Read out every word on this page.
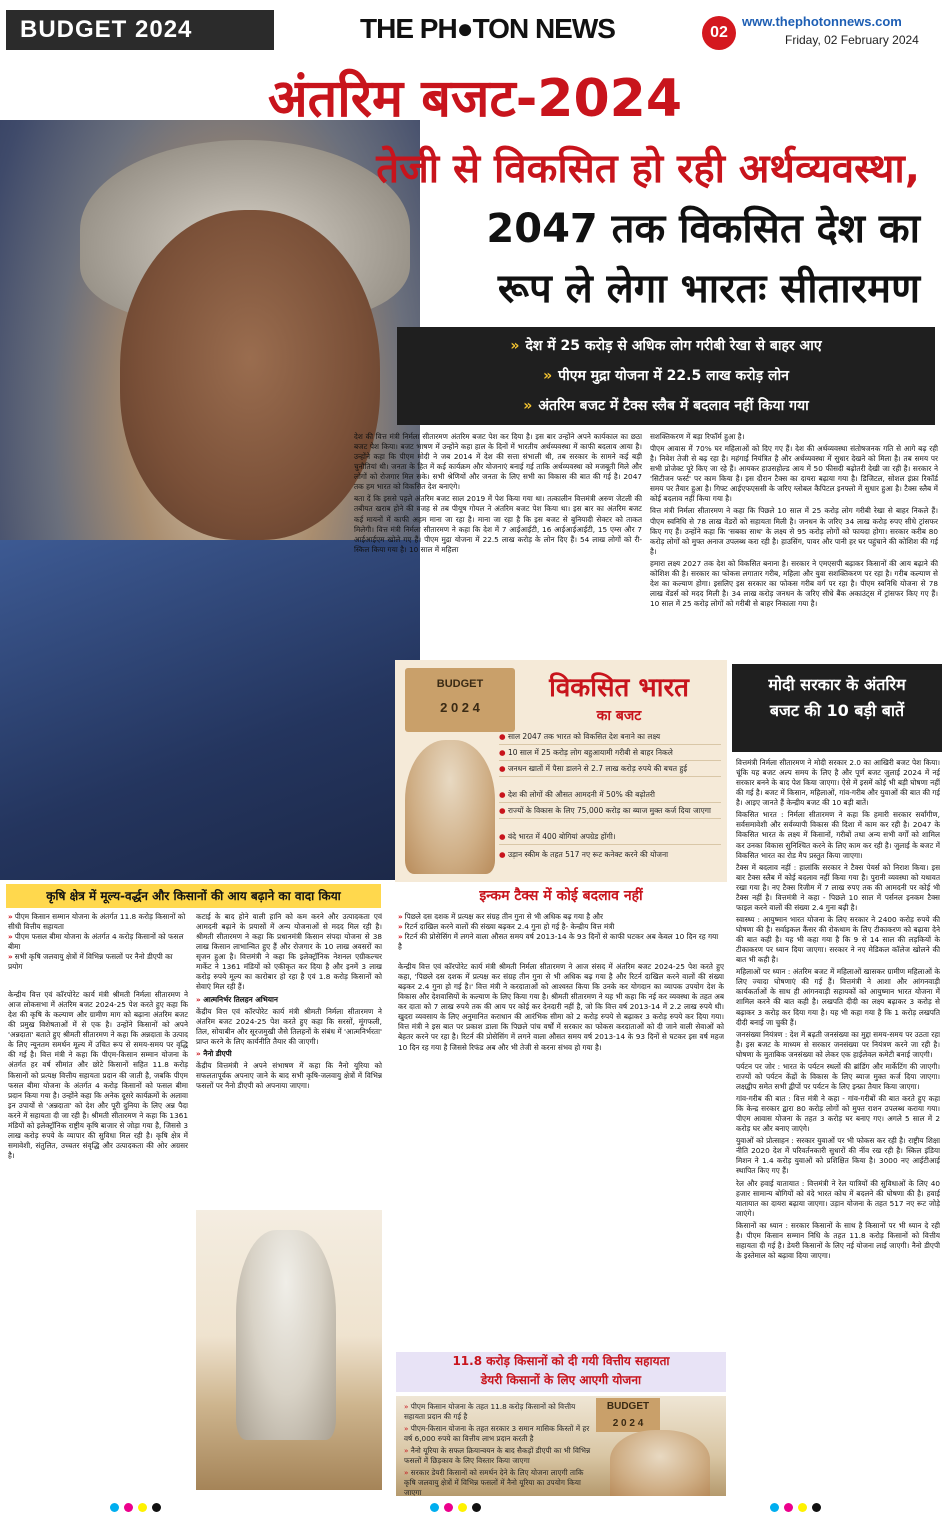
BUDGET 2024	THE PH●TON NEWS	02
www.thephotonnews.com
Friday, 02 February 2024
अंतरिम बजट-2024
तेजी से विकसित हो रही अर्थव्यवस्था,
2047 तक विकसित देश का
रूप ले लेगा भारतः सीतारमण
» देश में 25 करोड़ से अधिक लोग गरीबी रेखा से बाहर आए
» पीएम मुद्रा योजना में 22.5 लाख करोड़ लोन
» अंतरिम बजट में टैक्स स्लैब में बदलाव नहीं किया गया

देश की वित्त मंत्री निर्मला सीतारमण अंतरिम बजट पेश कर दिया है। इस बार उन्होंने अपने कार्यकाल का छठा बजट पेश किया। बजट भाषण में उन्होंने कहा हाल के दिनों में भारतीय अर्थव्यवस्था में काफी बदलाव आया है। उन्होंने कहा कि पीएम मोदी ने जब 2014 में देश की सत्ता संभाली थी, तब सरकार के सामने कई बड़ी चुनौतियां थी। जनता के हित में कई कार्यक्रम और योजनाएं बनाई गई ताकि अर्थव्यवस्था को मजबूती मिले और लोगों को रोजगार मिल सके। सभी श्रेणियों और जनता के लिए सभी का विकास की बात की गई है। 2047 तक हम भारत को विकसित देश बनाएंगे।

बता दें कि इससे पहले अंतरिम बजट साल 2019 में पेश किया गया था। तत्कालीन वित्तमंत्री अरुण जेटली की तबीयत खराब होने की वजह से तब पीयूष गोयल ने अंतरिम बजट पेश किया था। इस बार का अंतरिम बजट कई मायनों में काफी अहम माना जा रहा है। माना जा रहा है कि इस बजट से बुनियादी सेक्टर को ताकत मिलेगी। वित्त मंत्री निर्मला सीतारमण ने कहा कि देश में 7 आईआईटी, 16 आईआईआईटी, 15 एम्स और 7 आईआईएम खोले गए हैं। पीएम मुद्रा योजना में 22.5 लाख करोड़ के लोन दिए हैं। 54 लाख लोगों को री-स्किल किया गया है। 10 साल में महिला

सशक्तिकरण में बड़ा रिफॉर्म हुआ है।

पीएम आवास में 70% घर महिलाओं को दिए गए हैं। देश की अर्थव्यवस्था संतोषजनक गति से आगे बढ़ रही है। निवेश तेजी से बढ़ रहा है। महंगाई नियंत्रित है और अर्थव्यवस्था में सुधार देखने को मिला है। तब समय पर सभी प्रोजेक्ट पूरे किए जा रहे हैं। आयकर हाउसहोल्ड आय में 50 फीसदी बढ़ोतरी देखी जा रही है। सरकार ने 'सिटीजन फर्स्ट' पर काम किया है। इस दौरान टैक्स का दायरा बढ़ाया गया है। डिजिटल, सोशल इंफ्रा रिकॉर्ड समय पर तैयार हुआ है। गिफ्ट आईएफएससी के जरिए ग्लोबल कैपिटल इनफ्लो में सुधार हुआ है। टैक्स स्लैब में कोई बदलाव नहीं किया गया है।

वित्त मंत्री निर्मला सीतारमण ने कहा कि पिछले 10 साल में 25 करोड़ लोग गरीबी रेखा से बाहर निकले हैं। पीएम स्वनिधि से 78 लाख वेंडरों को सहायता मिली है। जनधन के जरिए 34 लाख करोड़ रुपए सीधे ट्रांसफर किए गए हैं। उन्होंने कहा कि 'सबका साथ' के लक्ष्य से 95 करोड़ लोगों को फायदा होगा। सरकार करीब 80 करोड़ लोगों को मुफ्त अनाज उपलब्ध करा रही है। हाउसिंग, पावर और पानी हर घर पहुंचाने की कोशिश की गई है।

हमारा लक्ष्य 2027 तक देश को विकसित बनाना है। सरकार ने एमएसपी बढ़ाकर किसानों की आय बढ़ाने की कोशिश की है। सरकार का फोकस लगातार गरीब, महिला और युवा सशक्तिकरण पर रहा है। गरीब कल्याण से देश का कल्याण होगा। इसलिए इस सरकार का फोकस गरीब वर्ग पर रहा है। पीएम स्वनिधि योजना से 78 लाख वेंडर्स को मदद मिली है। 34 लाख करोड़ जनधन के जरिए सीधे बैंक अकाउंट्स में ट्रांसफर किए गए हैं। 10 साल में 25 करोड़ लोगों को गरीबी से बाहर निकाला गया है।

BUDGET
2 0 2 4
विकसित भारत
का बजट
● साल 2047 तक भारत को विकसित देश बनाने का लक्ष्य
● 10 साल में 25 करोड़ लोग बहुआयामी गरीबी से बाहर निकले
● जनधन खातों में पैसा डालने से 2.7 लाख करोड़ रुपये की बचत हुई
● देश की लोगों की औसत आमदनी में 50% की बढ़ोतरी
● राज्यों के विकास के लिए 75,000 करोड़ का ब्याज मुक्त कर्ज दिया जाएगा
● वंदे भारत में 400 बोगियां अपग्रेड होंगी।
● उड़ान स्कीम के तहत 517 नए रूट कनेक्ट करने की योजना
मोदी सरकार के अंतरिम
बजट की 10 बड़ी बातें

वित्तमंत्री निर्मला सीतारमण ने मोदी सरकार 2.0 का आखिरी बजट पेश किया। चूंकि यह बजट अल्प समय के लिए है और पूर्ण बजट जुलाई 2024 में नई सरकार बनने के बाद पेश किया जाएगा। ऐसे में इसमें कोई भी बड़ी घोषणा नहीं की गई है। बजट में किसान, महिलाओं, गांव-गरीब और युवाओं की बात की गई है। आइए जानते हैं केन्द्रीय बजट की 10 बड़ी बातें।

विकसित भारत : निर्मला सीतारमण ने कहा कि हमारी सरकार सर्वांगीण, सर्वसमावेशी और सर्वव्यापी विकास की दिशा में काम कर रही है। 2047 के विकसित भारत के लक्ष्य में किसानों, गरीबों तथा अन्य सभी वर्गों को शामिल कर उनका विकास सुनिश्चित करने के लिए काम कर रही है। जुलाई के बजट में विकसित भारत का रोड मैप प्रस्तुत किया जाएगा।

टैक्स में बदलाव नहीं : हालांकि सरकार ने टैक्स पेयर्स को निराश किया। इस बार टैक्स स्लैब में कोई बदलाव नहीं किया गया है। पुरानी व्यवस्था को यथावत रखा गया है। नए टैक्स रिजीम में 7 लाख रुपए तक की आमदनी पर कोई भी टैक्स नहीं है। वित्तमंत्री ने कहा - पिछले 10 साल में पर्सनल इनकम टैक्स फाइल करने वालों की संख्या 2.4 गुना बढ़ी है।

स्वास्थ्य : आयुष्मान भारत योजना के लिए सरकार ने 2400 करोड़ रुपये की घोषणा की है। सर्वाइकल कैंसर की रोकथाम के लिए टीकाकरण को बढ़ावा देने की बात कही है। यह भी कहा गया है कि 9 से 14 साल की लड़कियों के टीकाकरण पर ध्यान दिया जाएगा। सरकार ने नए मेडिकल कॉलेज खोलने की बात भी कही है।

महिलाओं पर ध्यान : अंतरिम बजट में महिलाओं खासकर ग्रामीण महिलाओं के लिए ज्यादा घोषणाएं की गई हैं। वित्तमंत्री ने आशा और आंगनवाड़ी कार्यकर्ताओं के साथ ही आंगनवाड़ी सहायकों को आयुष्मान भारत योजना में शामिल करने की बात कही है। लखपति दीदी का लक्ष्य बढ़ाकर 3 करोड़ से बढ़ाकर 3 करोड़ कर दिया गया है। यह भी कहा गया है कि 1 करोड़ लखपति दीदी बनाई जा चुकी हैं।

जनसंख्या नियंत्रण : देश में बढ़ती जनसंख्या का मुद्दा समय-समय पर उठता रहा है। इस बजट के माध्यम से सरकार जनसंख्या पर नियंत्रण करने जा रही है। घोषणा के मुताबिक जनसंख्या को लेकर एक हाईलेवल कमेटी बनाई जाएगी।

पर्यटन पर जोर : भारत के पर्यटन स्थलों की ब्रांडिंग और मार्केटिंग की जाएगी। राज्यों को पर्यटन केंद्रों के विकास के लिए ब्याज मुक्त कर्ज दिया जाएगा। लक्षद्वीप समेत सभी द्वीपों पर पर्यटन के लिए इन्फ्रा तैयार किया जाएगा।

गांव-गरीब की बात : वित्त मंत्री ने कहा - गांव-गरीबों की बात करते हुए कहा कि केन्द्र सरकार द्वारा 80 करोड़ लोगों को मुफ्त राशन उपलब्ध कराया गया। पीएम आवास योजना के तहत 3 करोड़ घर बनाए गए। अगले 5 साल में 2 करोड़ घर और बनाए जाएंगे।

युवाओं को प्रोत्साहन : सरकार युवाओं पर भी फोकस कर रही है। राष्ट्रीय शिक्षा नीति 2020 देश में परिवर्तनकारी सुधारों की नींव रख रही है। स्किल इंडिया मिशन ने 1.4 करोड़ युवाओं को प्रशिक्षित किया है। 3000 नए आईटीआई स्थापित किए गए हैं।

रेल और हवाई यातायात : वित्तमंत्री ने रेल यात्रियों की सुविधाओं के लिए 40 हजार सामान्य बोगियों को वंदे भारत कोच में बदलने की घोषणा की है। हवाई यातायात का दायरा बढ़ाया जाएगा। उड़ान योजना के तहत 517 नए रूट जोड़े जाएंगे।

किसानों का ध्यान : सरकार किसानों के साथ है किसानों पर भी ध्यान दे रही है। पीएम किसान सम्मान निधि के तहत 11.8 करोड़ किसानों को वित्तीय सहायता दी गई है। डेयरी किसानों के लिए नई योजना लाई जाएगी। नैनो डीएपी के इस्तेमाल को बढ़ावा दिया जाएगा।

कृषि क्षेत्र में मूल्य-वर्द्धन और किसानों की आय बढ़ाने का वादा किया
» पीएम किसान सम्मान योजना के अंतर्गत 11.8 करोड़ किसानों को सीधी वित्तीय सहायता
» पीएम फसल बीमा योजना के अंतर्गत 4 करोड़ किसानों को फसल बीमा
» सभी कृषि जलवायु क्षेत्रों में विभिन्न फसलों पर नैनो डीएपी का प्रयोग
केन्द्रीय वित्त एवं कॉरपोरेट कार्य मंत्री श्रीमती निर्मला सीतारमण ने आज लोकसभा में अंतरिम बजट 2024-25 पेश करते हुए कहा कि देश की कृषि के कल्याण और ग्रामीण माग को बढ़ाना अंतरिम बजट की प्रमुख विशेषताओं में से एक है। उन्होंने किसानों को अपने 'अन्नदाता' बताते हुए श्रीमती सीतारमण ने कहा कि अन्नदाता के उत्पाद के लिए न्यूनतम समर्थन मूल्य में उचित रूप से समय-समय पर वृद्धि की गई है। वित्त मंत्री ने कहा कि पीएम-किसान सम्मान योजना के अंतर्गत हर वर्ष सीमांत और छोटे किसानों सहित 11.8 करोड़ किसानों को प्रत्यक्ष वित्तीय सहायता प्रदान की जाती है, जबकि पीएम फसल बीमा योजना के अंतर्गत 4 करोड़ किसानों को फसल बीमा प्रदान किया गया है। उन्होंने कहा कि अनेक दूसरे कार्यक्रमों के अलावा इन उपायों से 'अन्नदाता' को देश और पूरी दुनिया के लिए अन्न पैदा करने में सहायता दी जा रही है। श्रीमती सीतारमण ने कहा कि 1361 मंडियों को इलेक्ट्रॉनिक राष्ट्रीय कृषि बाजार से जोड़ा गया है, जिससे 3 लाख करोड़ रुपये के व्यापार की सुविधा मिल रही है। कृषि क्षेत्र में समावेशी, संतुलित, उच्चतर संवृद्धि और उत्पादकता की ओर अग्रसर है।

कटाई के बाद होने वाली हानि को कम करने और उत्पादकता एवं आमदनी बढ़ाने के प्रयासों में अन्य योजनाओं से मदद मिल रही है। श्रीमती सीतारमण ने कहा कि प्रधानमंत्री किसान संपदा योजना से 38 लाख किसान लाभान्वित हुए हैं और रोजगार के 10 लाख अवसरों का सृजन हुआ है। वित्तमंत्री ने कहा कि इलेक्ट्रॉनिक नेशनल एग्रीकल्चर मार्केट ने 1361 मंडियों को एकीकृत कर दिया है और इनमें 3 लाख करोड़ रुपये मूल्य का कारोबार हो रहा है एवं 1.8 करोड़ किसानों को सेवाएं मिल रही हैं।

» आत्मनिर्भर तिलहन अभियान

केंद्रीय वित्त एवं कॉरपोरेट कार्य मंत्री श्रीमती निर्मला सीतारमण ने अंतरिम बजट 2024-25 पेश करते हुए कहा कि सरसों, मूंगफली, तिल, सोयाबीन और सूरजमुखी जैसे तिलहनों के संबंध में 'आत्मनिर्भरता' प्राप्त करने के लिए कार्यनीति तैयार की जाएगी।

» नैनो डीएपी

केंद्रीय वित्तमंत्री ने अपने संभाषण में कहा कि नैनो यूरिया को सफलतापूर्वक अपनाए जाने के बाद सभी कृषि-जलवायु क्षेत्रों में विभिन्न फसलों पर नैनो डीएपी को अपनाया जाएगा।

इन्कम टैक्स में कोई बदलाव नहीं
» पिछले दस दशक में प्रत्यक्ष कर संग्रह तीन गुना से भी अधिक बढ़ गया है और
» रिटर्न दाखिल करने वालों की संख्या बढ़कर 2.4 गुना हो गई है- केन्द्रीय वित्त मंत्री
» रिटर्न की प्रोसेसिंग में लगने वाला औसत समय वर्ष 2013-14 के 93 दिनों से काफी घटकर अब केवल 10 दिन रह गया है
केन्द्रीय वित्त एवं कॉरपोरेट कार्य मंत्री श्रीमती निर्मला सीतारमण ने आज संसद में अंतरिम बजट 2024-25 पेश करते हुए कहा, 'पिछले दस दशक में प्रत्यक्ष कर संग्रह तीन गुना से भी अधिक बढ़ गया है और रिटर्न दाखिल करने वालों की संख्या बढ़कर 2.4 गुना हो गई है।' वित्त मंत्री ने करदाताओं को आश्वस्त किया कि उनके कर योगदान का व्यापक उपयोग देश के विकास और देशवासियों के कल्याण के लिए किया गया है। श्रीमती सीतारमण ने यह भी कहा कि नई कर व्यवस्था के तहत अब कर दाता को 7 लाख रुपये तक की आय पर कोई कर देनदारी नहीं है, जो कि वित्त वर्ष 2013-14 में 2.2 लाख रुपये थी। खुदरा व्यवसाय के लिए अनुमानित कराधान की आरंभिक सीमा को 2 करोड़ रुपये से बढ़ाकर 3 करोड़ रुपये कर दिया गया। वित्त मंत्री ने इस बात पर प्रकाश डाला कि पिछले पांच वर्षों में सरकार का फोकस करदाताओं को दी जाने वाली सेवाओं को बेहतर करने पर रहा है। रिटर्न की प्रोसेसिंग में लगने वाला औसत समय वर्ष 2013-14 के 93 दिनों से घटकर इस वर्ष महज 10 दिन रह गया है जिससे रिफंड अब और भी तेजी से करना संभव हो गया है।
11.8 करोड़ किसानों को दी गयी वित्तीय सहायता
डेयरी किसानों के लिए आएगी योजना
BUDGET
2 0 2 4
» पीएम किसान योजना के तहत 11.8 करोड़ किसानों को वित्तीय सहायता प्रदान की गई है
» पीएम-किसान योजना के तहत सरकार 3 समान मासिक किस्तों में हर वर्ष 6,000 रुपये का वित्तीय लाभ प्रदान करती है
» नैनो यूरिया के सफल क्रियान्वयन के बाद सैकड़ों डीएपी का भी विभिन्न फसलों में छिड़काव के लिए विस्तार किया जाएगा
» सरकार डेयरी किसानों को समर्थन देने के लिए योजना लाएगी ताकि कृषि जलवायु क्षेत्रों में विभिन्न फसलों में नैनो यूरिया का उपयोग किया जाएगा
